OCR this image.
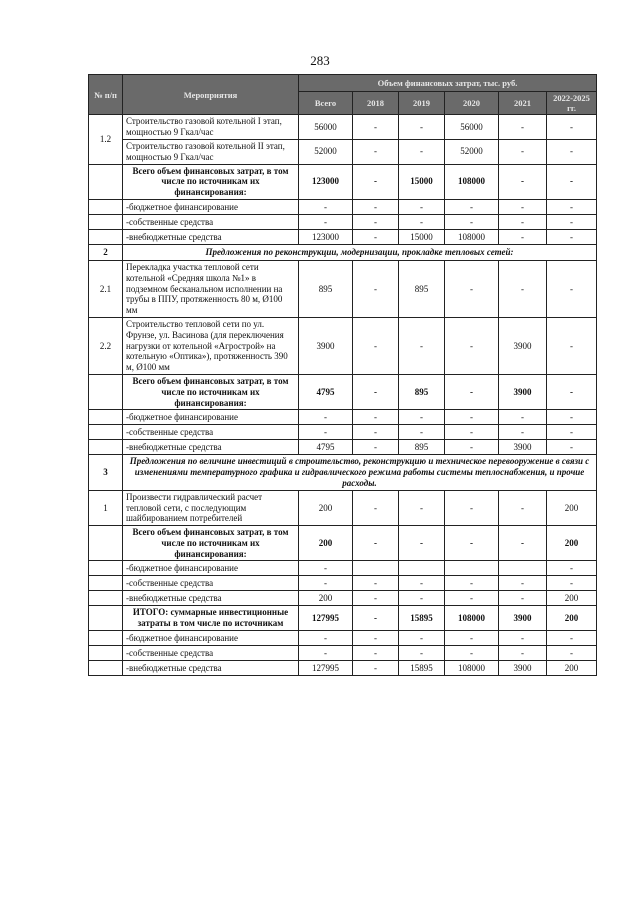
283
№ п/п	Мероприятия	Объем финансовых затрат, тыс. руб.					
		Всего	2018	2019	2020	2021	2022-2025 гг.
1.2	Строительство газовой котельной I этап, мощностью 9 Гкал/час	56000	-	-	56000	-	-
	Строительство газовой котельной II этап, мощностью 9 Гкал/час	52000	-	-	52000	-	-
	Всего объем финансовых затрат, в том числе по источникам их финансирования:	123000	-	15000	108000	-	-
	-бюджетное финансирование	-	-	-	-	-	-
	-собственные средства	-	-	-	-	-	-
	-внебюджетные средства	123000	-	15000	108000	-	-
2	Предложения по реконструкции, модернизации, прокладке тепловых сетей:						
2.1	Перекладка участка тепловой сети котельной «Средняя школа №1» в подземном бесканальном исполнении на трубы в ППУ, протяженность 80 м, Ø100 мм	895	-	895	-	-	-
2.2	Строительство тепловой сети по ул. Фрунзе, ул. Васинова (для переключения нагрузки от котельной «Агрострой» на котельную «Оптика»), протяженность 390 м, Ø100 мм	3900	-	-	-	3900	-
	Всего объем финансовых затрат, в том числе по источникам их финансирования:	4795	-	895	-	3900	-
	-бюджетное финансирование	-	-	-	-	-	-
	-собственные средства	-	-	-	-	-	-
	-внебюджетные средства	4795	-	895	-	3900	-
3	Предложения по величине инвестиций в строительство, реконструкцию и техническое перевооружение в связи с изменениями температурного графика и гидравлического режима работы системы теплоснабжения, и прочие расходы.						
1	Произвести гидравлический расчет тепловой сети, с последующим шайбированием потребителей	200	-	-	-	-	200
	Всего объем финансовых затрат, в том числе по источникам их финансирования:	200	-	-	-	-	200
	-бюджетное финансирование	-					-
	-собственные средства	-	-	-	-	-	-
	-внебюджетные средства	200	-	-	-	-	200
	ИТОГО: суммарные инвестиционные затраты в том числе по источникам	127995	-	15895	108000	3900	200
	-бюджетное финансирование	-	-	-	-	-	-
	-собственные средства	-	-	-	-	-	-
	-внебюджетные средства	127995	-	15895	108000	3900	200
